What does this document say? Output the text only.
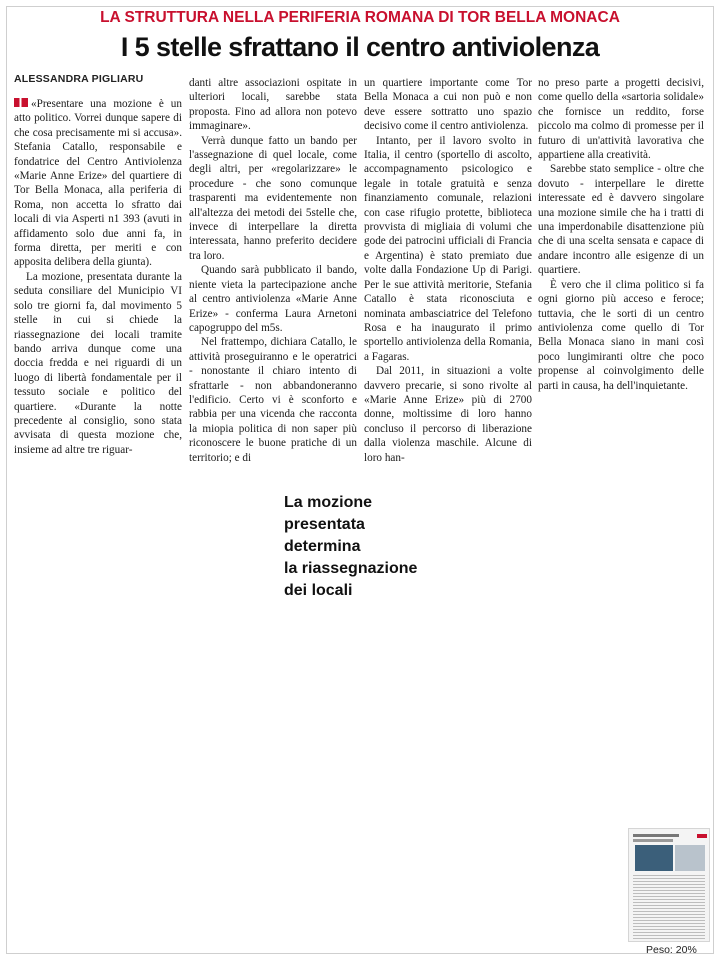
LA STRUTTURA NELLA PERIFERIA ROMANA DI TOR BELLA MONACA
I 5 stelle sfrattano il centro antiviolenza
ALESSANDRA PIGLIARU

«Presentare una mozione è un atto politico. Vorrei dunque sapere di che cosa precisamente mi si accusa». Stefania Catallo, responsabile e fondatrice del Centro Antiviolenza «Marie Anne Erize» del quartiere di Tor Bella Monaca, alla periferia di Roma, non accetta lo sfratto dai locali di via Asperti n1 393 (avuti in affidamento solo due anni fa, in forma diretta, per meriti e con apposita delibera della giunta).

La mozione, presentata durante la seduta consiliare del Municipio VI solo tre giorni fa, dal movimento 5 stelle in cui si chiede la riassegnazione dei locali tramite bando arriva dunque come una doccia fredda e nei riguardi di un luogo di libertà fondamentale per il tessuto sociale e politico del quartiere. «Durante la notte precedente al consiglio, sono stata avvisata di questa mozione che, insieme ad altre tre riguar-

danti altre associazioni ospitate in ulteriori locali, sarebbe stata proposta. Fino ad allora non potevo immaginare».

Verrà dunque fatto un bando per l'assegnazione di quel locale, come degli altri, per «regolarizzare» le procedure - che sono comunque trasparenti ma evidentemente non all'altezza dei metodi dei 5stelle che, invece di interpellare la diretta interessata, hanno preferito decidere tra loro.

Quando sarà pubblicato il bando, niente vieta la partecipazione anche al centro antiviolenza «Marie Anne Erize» - conferma Laura Arnetoni capogruppo del m5s.

Nel frattempo, dichiara Catallo, le attività proseguiranno e le operatrici - nonostante il chiaro intento di sfrattarle - non abbandoneranno l'edificio. Certo vi è sconforto e rabbia per una vicenda che racconta la miopia politica di non saper più riconoscere le buone pratiche di un territorio; e di

un quartiere importante come Tor Bella Monaca a cui non può e non deve essere sottratto uno spazio decisivo come il centro antiviolenza.

Intanto, per il lavoro svolto in Italia, il centro (sportello di ascolto, accompagnamento psicologico e legale in totale gratuità e senza finanziamento comunale, relazioni con case rifugio protette, biblioteca provvista di migliaia di volumi che gode dei patrocini ufficiali di Francia e Argentina) è stato premiato due volte dalla Fondazione Up di Parigi. Per le sue attività meritorie, Stefania Catallo è stata riconosciuta e nominata ambasciatrice del Telefono Rosa e ha inaugurato il primo sportello antiviolenza della Romania, a Fagaras.

Dal 2011, in situazioni a volte davvero precarie, si sono rivolte al «Marie Anne Erize» più di 2700 donne, moltissime di loro hanno concluso il percorso di liberazione dalla violenza maschile. Alcune di loro han-

no preso parte a progetti decisivi, come quello della «sartoria solidale» che fornisce un reddito, forse piccolo ma colmo di promesse per il futuro di un'attività lavorativa che appartiene alla creatività.

Sarebbe stato semplice - oltre che dovuto - interpellare le dirette interessate ed è davvero singolare una mozione simile che ha i tratti di una imperdonabile disattenzione più che di una scelta sensata e capace di andare incontro alle esigenze di un quartiere.

È vero che il clima politico si fa ogni giorno più acceso e feroce; tuttavia, che le sorti di un centro antiviolenza come quello di Tor Bella Monaca siano in mani così poco lungimiranti oltre che poco propense al coinvolgimento delle parti in causa, ha dell'inquietante.

La mozione
presentata
determina
la riassegnazione
dei locali
Peso: 20%
